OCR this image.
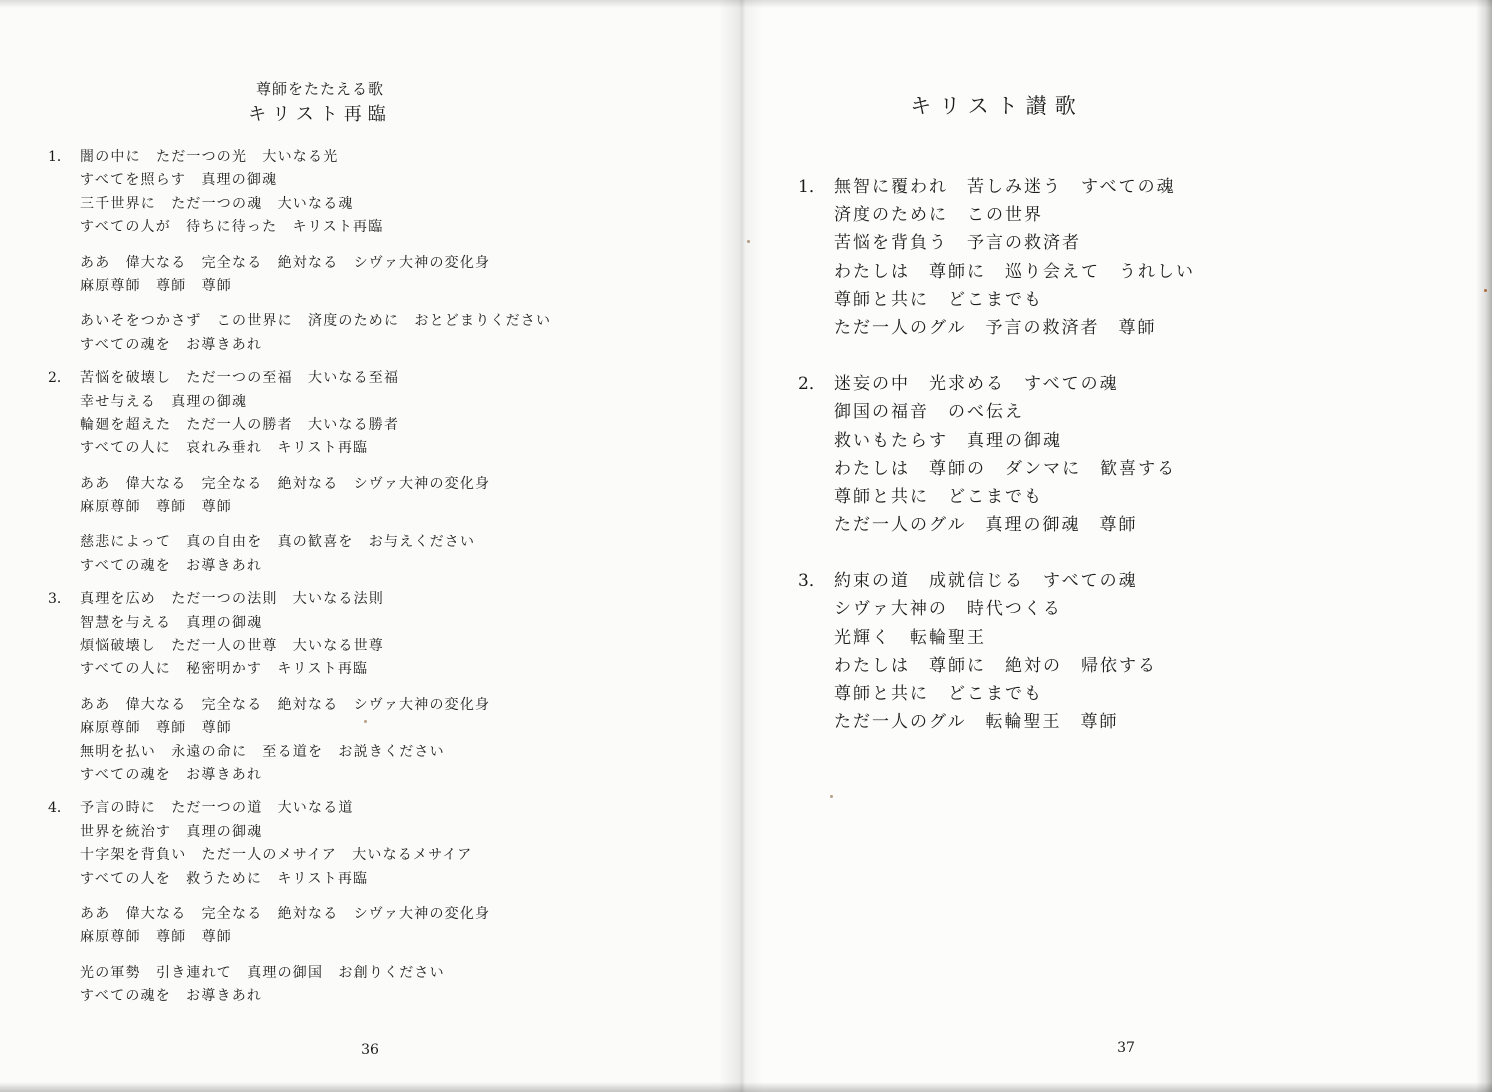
尊師をたたえる歌
キリスト再臨
1． 闇の中に　ただ一つの光　大いなる光
すべてを照らす　真理の御魂
三千世界に　ただ一つの魂　大いなる魂
すべての人が　待ちに待った　キリスト再臨
ああ　偉大なる　完全なる　絶対なる　シヴァ大神の変化身
麻原尊師　尊師　尊師
あいそをつかさず　この世界に　済度のために　おとどまりください
すべての魂を　お導きあれ
2． 苦悩を破壊し　ただ一つの至福　大いなる至福
幸せ与える　真理の御魂
輪廻を超えた　ただ一人の勝者　大いなる勝者
すべての人に　哀れみ垂れ　キリスト再臨
ああ　偉大なる　完全なる　絶対なる　シヴァ大神の変化身
麻原尊師　尊師　尊師
慈悲によって　真の自由を　真の歓喜を　お与えください
すべての魂を　お導きあれ
3． 真理を広め　ただ一つの法則　大いなる法則
智慧を与える　真理の御魂
煩悩破壊し　ただ一人の世尊　大いなる世尊
すべての人に　秘密明かす　キリスト再臨
ああ　偉大なる　完全なる　絶対なる　シヴァ大神の変化身
麻原尊師　尊師　尊師
無明を払い　永遠の命に　至る道を　お説きください
すべての魂を　お導きあれ
4． 予言の時に　ただ一つの道　大いなる道
世界を統治す　真理の御魂
十字架を背負い　ただ一人のメサイア　大いなるメサイア
すべての人を　救うために　キリスト再臨
ああ　偉大なる　完全なる　絶対なる　シヴァ大神の変化身
麻原尊師　尊師　尊師
光の軍勢　引き連れて　真理の御国　お創りください
すべての魂を　お導きあれ
36
キリスト讃歌
1． 無智に覆われ　苦しみ迷う　すべての魂
済度のために　この世界
苦悩を背負う　予言の救済者
わたしは　尊師に　巡り会えて　うれしい
尊師と共に　どこまでも
ただ一人のグル　予言の救済者　尊師
2． 迷妄の中　光求める　すべての魂
御国の福音　のべ伝え
救いもたらす　真理の御魂
わたしは　尊師の　ダンマに　歓喜する
尊師と共に　どこまでも
ただ一人のグル　真理の御魂　尊師
3． 約束の道　成就信じる　すべての魂
シヴァ大神の　時代つくる
光輝く　転輪聖王
わたしは　尊師に　絶対の　帰依する
尊師と共に　どこまでも
ただ一人のグル　転輪聖王　尊師
37
